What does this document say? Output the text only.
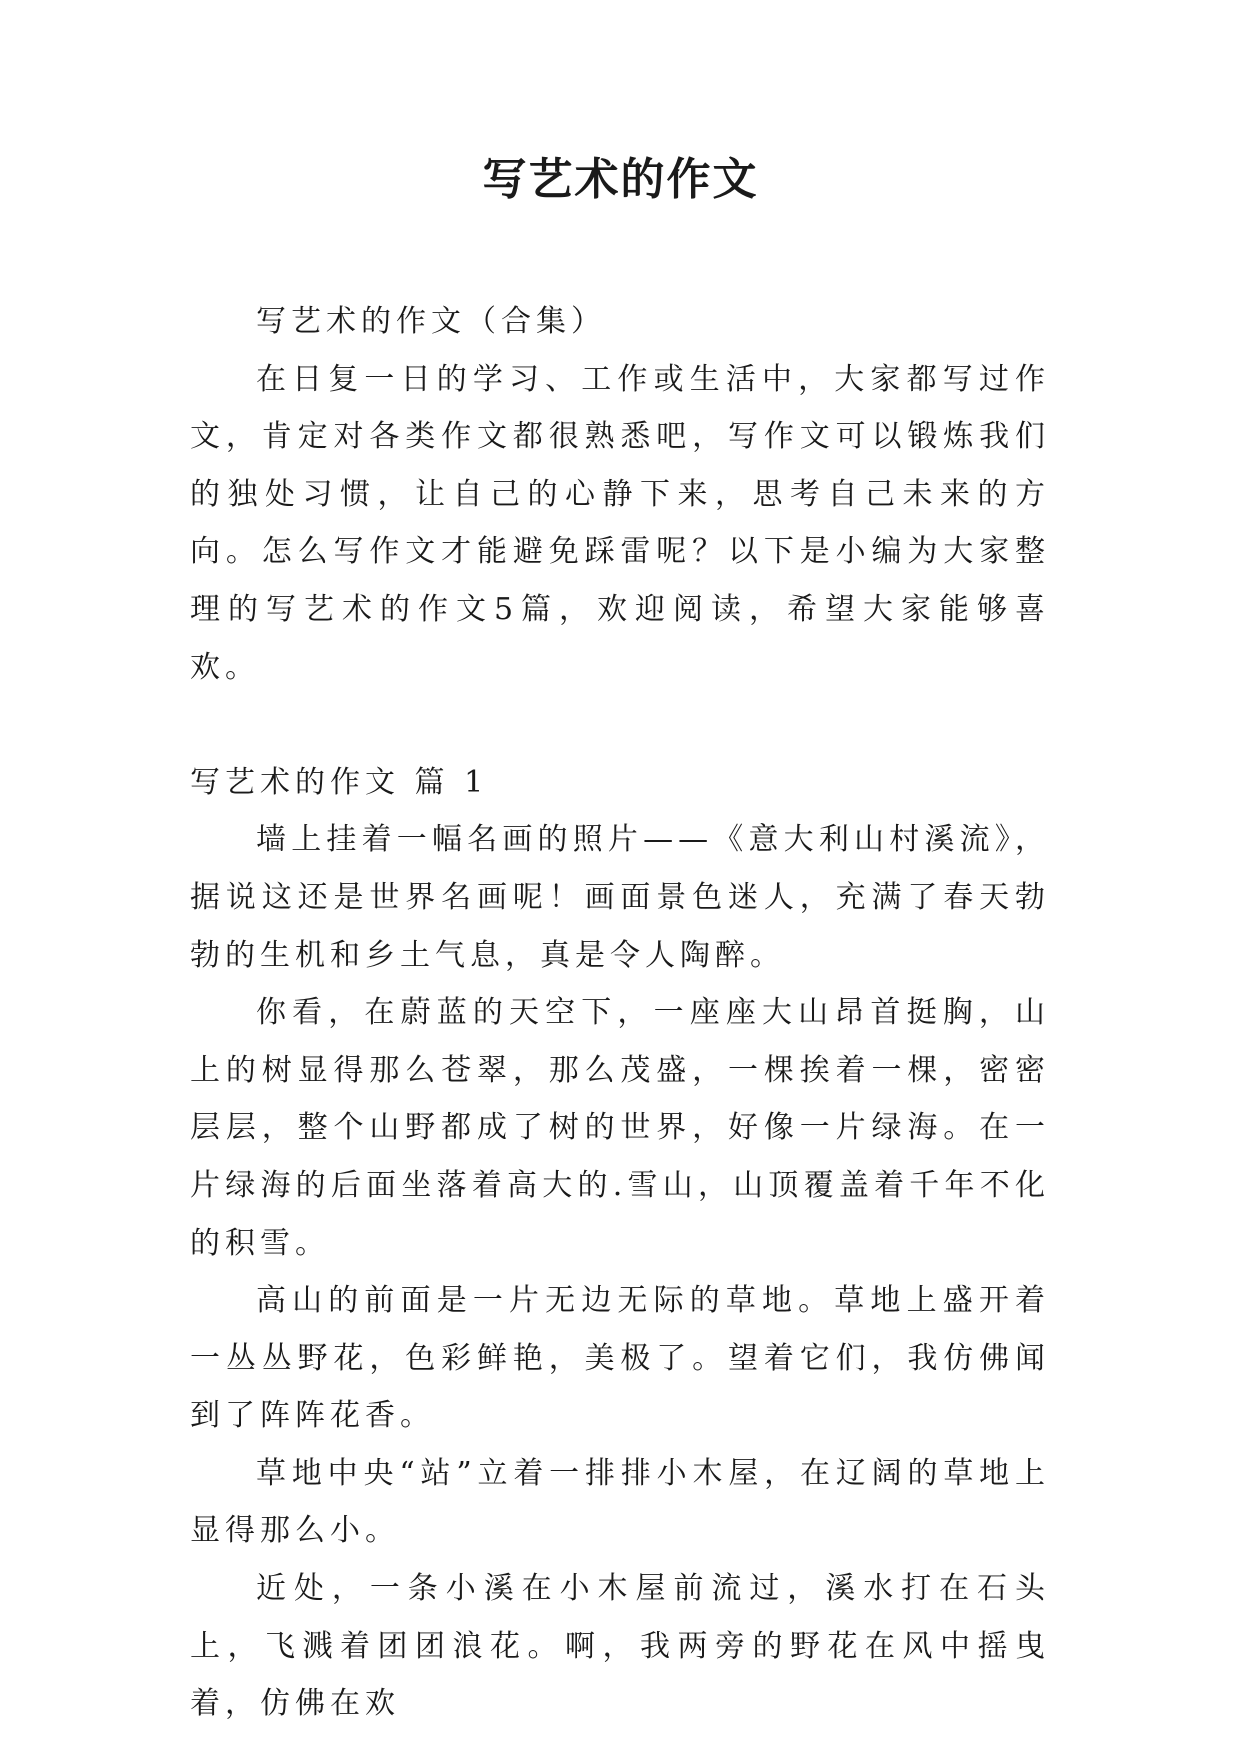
写艺术的作文

写艺术的作文（合集）

在日复一日的学习、工作或生活中，大家都写过作文，肯定对各类作文都很熟悉吧，写作文可以锻炼我们的独处习惯，让自己的心静下来，思考自己未来的方向。怎么写作文才能避免踩雷呢？以下是小编为大家整理的写艺术的作文5篇，欢迎阅读，希望大家能够喜欢。

写艺术的作文 篇 1

墙上挂着一幅名画的照片——《意大利山村溪流》，据说这还是世界名画呢！画面景色迷人，充满了春天勃勃的生机和乡土气息，真是令人陶醉。

你看，在蔚蓝的天空下，一座座大山昂首挺胸，山上的树显得那么苍翠，那么茂盛，一棵挨着一棵，密密层层，整个山野都成了树的世界，好像一片绿海。在一片绿海的后面坐落着高大的.雪山，山顶覆盖着千年不化的积雪。

高山的前面是一片无边无际的草地。草地上盛开着一丛丛野花，色彩鲜艳，美极了。望着它们，我仿佛闻到了阵阵花香。

草地中央“站”立着一排排小木屋，在辽阔的草地上显得那么小。

近处，一条小溪在小木屋前流过，溪水打在石头上，飞溅着团团浪花。啊，我两旁的野花在风中摇曳着，仿佛在欢
